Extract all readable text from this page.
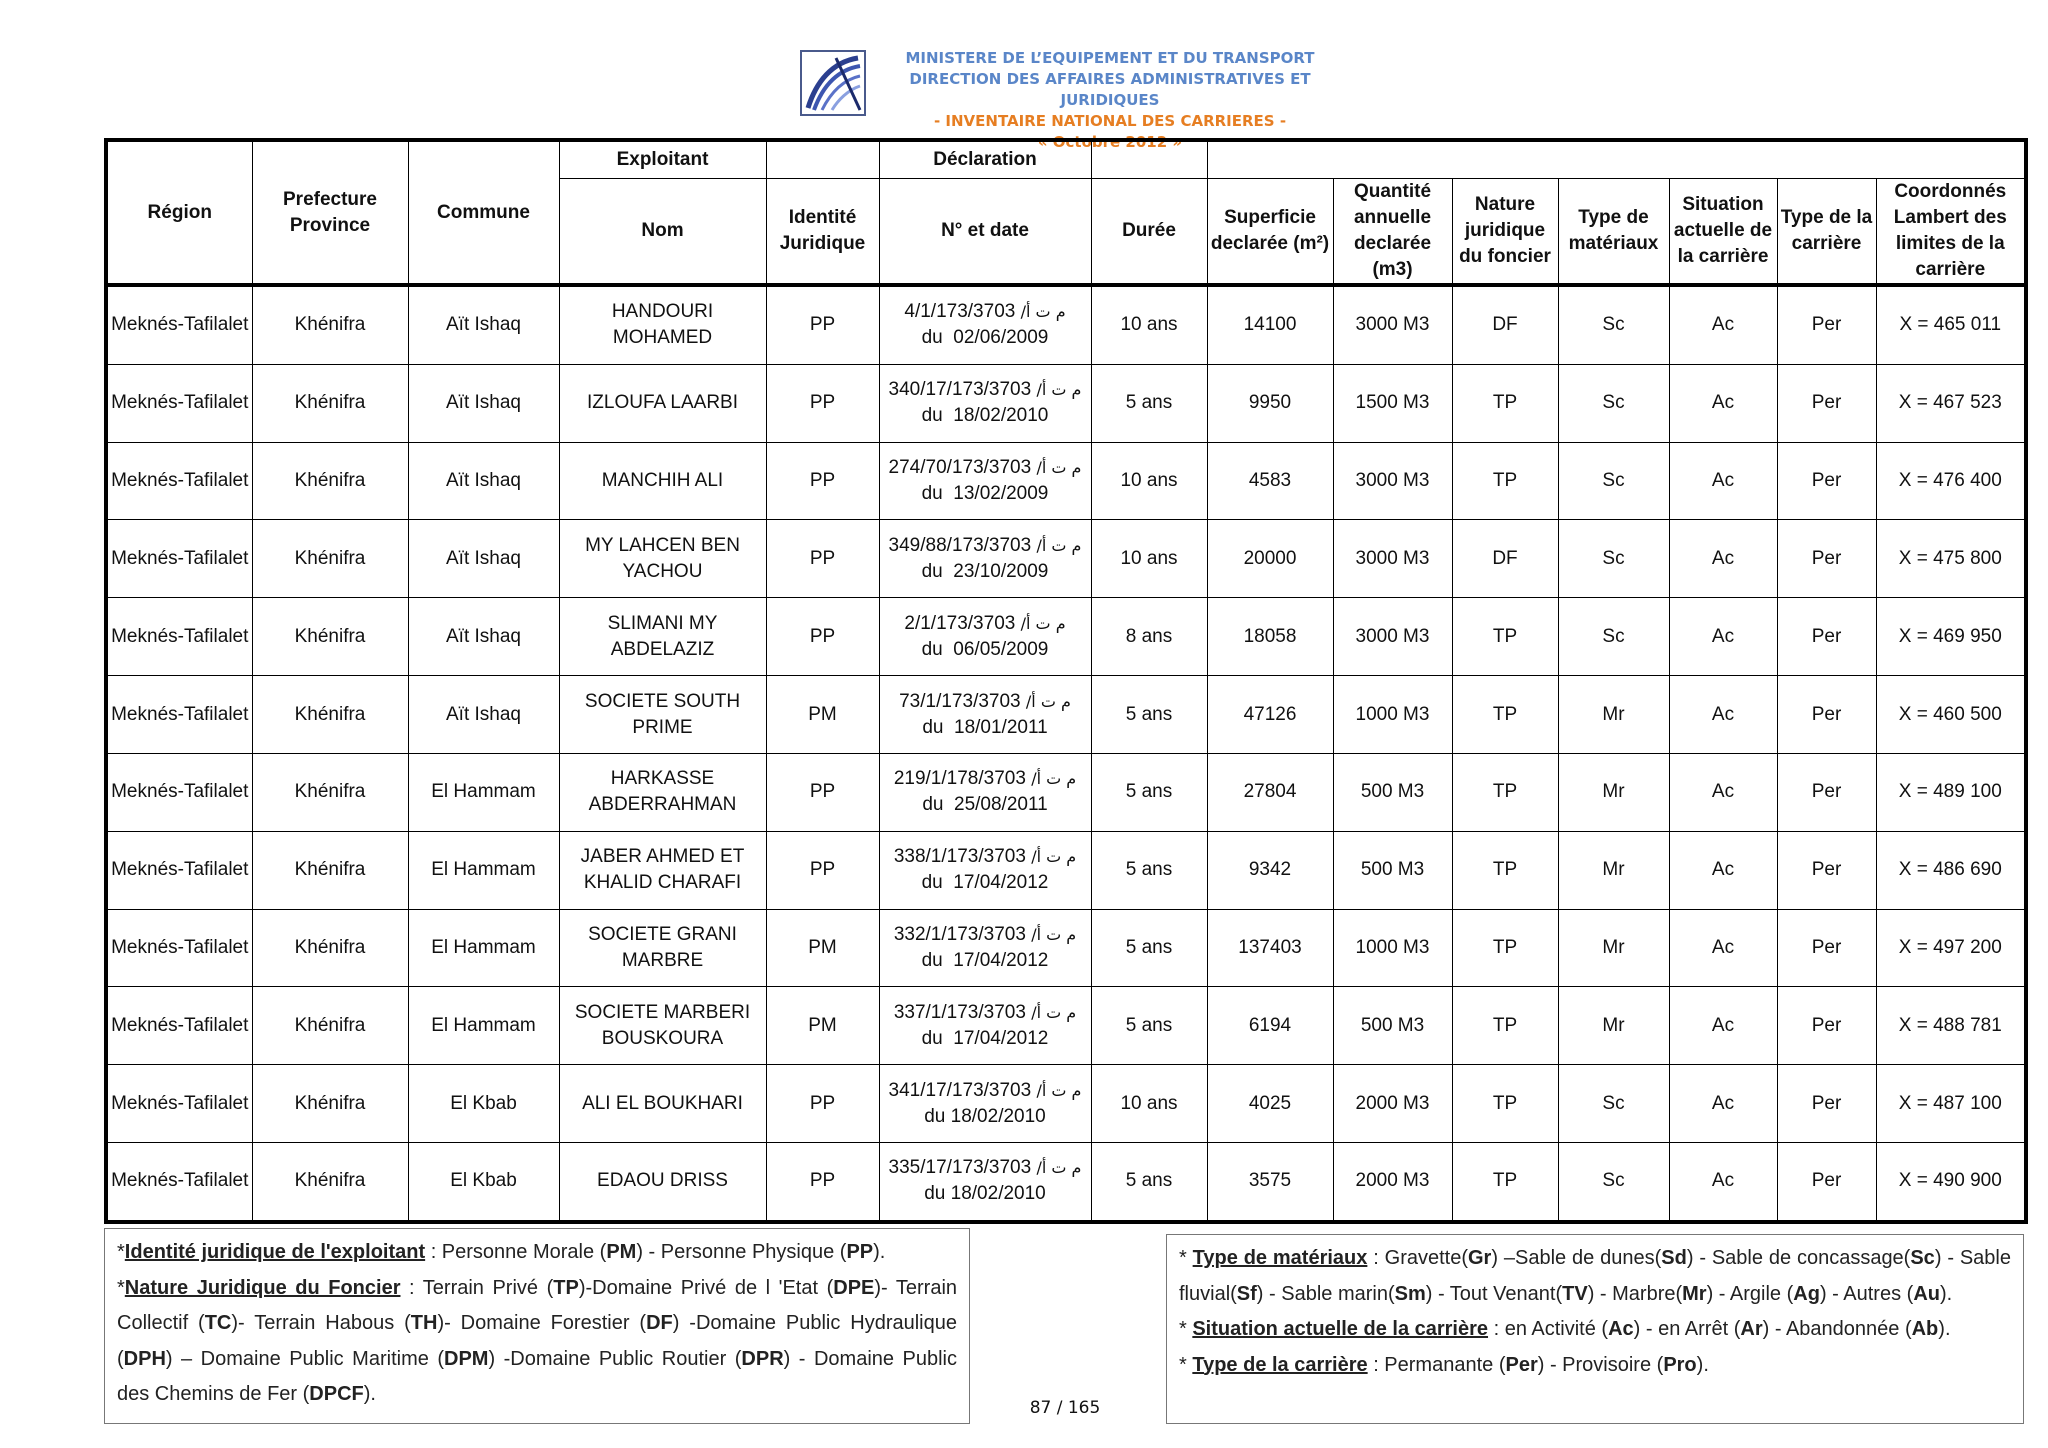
MINISTERE DE L’EQUIPEMENT ET DU TRANSPORT
DIRECTION DES AFFAIRES ADMINISTRATIVES ET JURIDIQUES
- INVENTAIRE NATIONAL DES CARRIERES -
« Octobre 2012 »
Région	Prefecture Province	Commune	Exploitant		Déclaration								
			Nom	Identité Juridique	N° et date	Durée	Superficie declarée (m²)	Quantité annuelle declarée (m3)	Nature juridique du foncier	Type de matériaux	Situation actuelle de la carrière	Type de la carrière	Coordonnés Lambert des limites de la carrière
Meknés-Tafilalet	Khénifra	Aït Ishaq	HANDOURI MOHAMED	PP	4/1/173/3703 م ت أ/
du  02/06/2009	10 ans	14100	3000 M3	DF	Sc	Ac	Per	X = 465 011
Meknés-Tafilalet	Khénifra	Aït Ishaq	IZLOUFA LAARBI	PP	340/17/173/3703 م ت أ/
du  18/02/2010	5 ans	9950	1500 M3	TP	Sc	Ac	Per	X = 467 523
Meknés-Tafilalet	Khénifra	Aït Ishaq	MANCHIH ALI	PP	274/70/173/3703 م ت أ/
du  13/02/2009	10 ans	4583	3000 M3	TP	Sc	Ac	Per	X = 476 400
Meknés-Tafilalet	Khénifra	Aït Ishaq	MY LAHCEN BEN YACHOU	PP	349/88/173/3703 م ت أ/
du  23/10/2009	10 ans	20000	3000 M3	DF	Sc	Ac	Per	X = 475 800
Meknés-Tafilalet	Khénifra	Aït Ishaq	SLIMANI MY ABDELAZIZ	PP	2/1/173/3703 م ت أ/
du  06/05/2009	8 ans	18058	3000 M3	TP	Sc	Ac	Per	X = 469 950
Meknés-Tafilalet	Khénifra	Aït Ishaq	SOCIETE SOUTH PRIME	PM	73/1/173/3703 م ت أ/
du  18/01/2011	5 ans	47126	1000 M3	TP	Mr	Ac	Per	X = 460 500
Meknés-Tafilalet	Khénifra	El Hammam	HARKASSE ABDERRAHMAN	PP	219/1/178/3703 م ت أ/
du  25/08/2011	5 ans	27804	500 M3	TP	Mr	Ac	Per	X = 489 100
Meknés-Tafilalet	Khénifra	El Hammam	JABER AHMED ET KHALID CHARAFI	PP	338/1/173/3703 م ت أ/
du  17/04/2012	5 ans	9342	500 M3	TP	Mr	Ac	Per	X = 486 690
Meknés-Tafilalet	Khénifra	El Hammam	SOCIETE GRANI MARBRE	PM	332/1/173/3703 م ت أ/
du  17/04/2012	5 ans	137403	1000 M3	TP	Mr	Ac	Per	X = 497 200
Meknés-Tafilalet	Khénifra	El Hammam	SOCIETE MARBERI BOUSKOURA	PM	337/1/173/3703 م ت أ/
du  17/04/2012	5 ans	6194	500 M3	TP	Mr	Ac	Per	X = 488 781
Meknés-Tafilalet	Khénifra	El Kbab	ALI EL BOUKHARI	PP	341/17/173/3703 م ت أ/
du 18/02/2010	10 ans	4025	2000 M3	TP	Sc	Ac	Per	X = 487 100
Meknés-Tafilalet	Khénifra	El Kbab	EDAOU DRISS	PP	335/17/173/3703 م ت أ/
du 18/02/2010	5 ans	3575	2000 M3	TP	Sc	Ac	Per	X = 490 900
*Identité juridique de l'exploitant : Personne Morale (PM) - Personne Physique (PP).
*Nature Juridique du Foncier : Terrain Privé (TP)-Domaine Privé de l 'Etat (DPE)- Terrain Collectif (TC)- Terrain Habous (TH)- Domaine Forestier (DF) -Domaine Public Hydraulique (DPH) – Domaine Public Maritime (DPM) -Domaine Public Routier (DPR) - Domaine Public des Chemins de Fer (DPCF).
* Type de matériaux : Gravette(Gr) –Sable de dunes(Sd) - Sable de concassage(Sc) - Sable fluvial(Sf) - Sable marin(Sm) - Tout Venant(TV) - Marbre(Mr) - Argile (Ag) - Autres (Au).
* Situation actuelle de la carrière : en Activité (Ac) - en Arrêt (Ar) - Abandonnée (Ab).
* Type de la carrière : Permanante (Per) - Provisoire (Pro).
87 / 165
